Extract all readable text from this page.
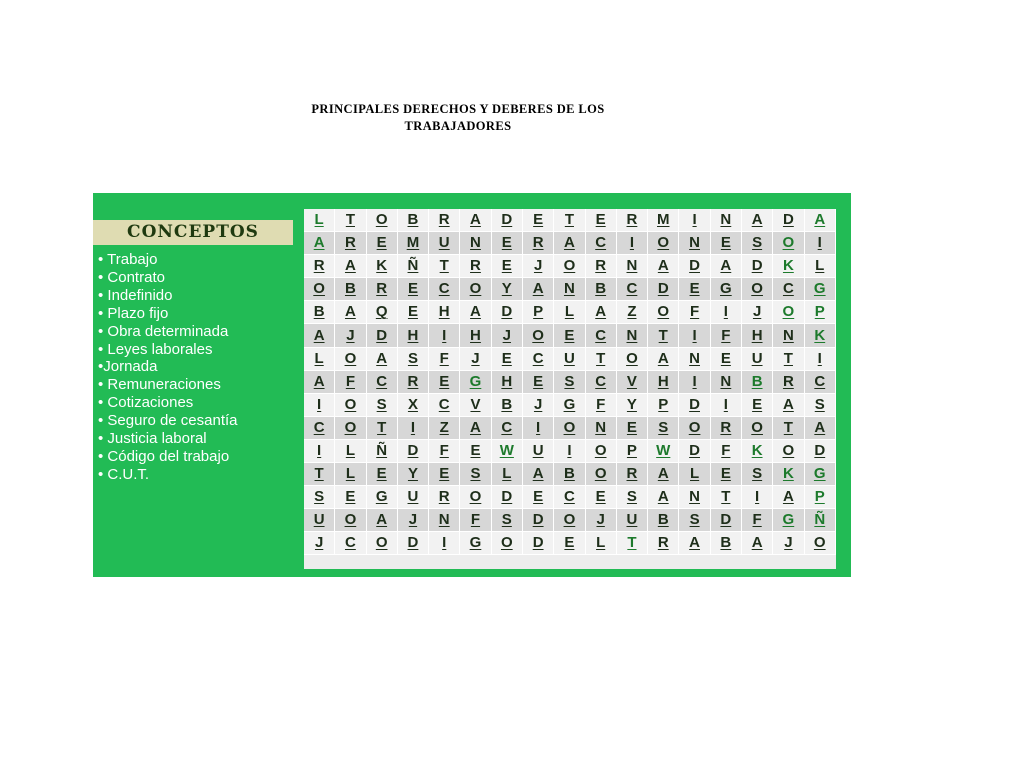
PRINCIPALES DERECHOS Y DEBERES DE LOS
TRABAJADORES
CONCEPTOS
• Trabajo
• Contrato
• Indefinido
• Plazo fijo
• Obra determinada
• Leyes laborales
•Jornada
• Remuneraciones
• Cotizaciones
• Seguro de cesantía
• Justicia laboral
• Código del trabajo
• C.U.T.
L	T	O	B	R	A	D	E	T	E	R	M	I	N	A	D	A
A	R	E	M	U	N	E	R	A	C	I	O	N	E	S	O	I
R	A	K	Ñ	T	R	E	J	O	R	N	A	D	A	D	K	L
O	B	R	E	C	O	Y	A	N	B	C	D	E	G	O	C	G
B	A	Q	E	H	A	D	P	L	A	Z	O	F	I	J	O	P
A	J	D	H	I	H	J	O	E	C	N	T	I	F	H	N	K
L	O	A	S	F	J	E	C	U	T	O	A	N	E	U	T	I
A	F	C	R	E	G	H	E	S	C	V	H	I	N	B	R	C
I	O	S	X	C	V	B	J	G	F	Y	P	D	I	E	A	S
C	O	T	I	Z	A	C	I	O	N	E	S	O	R	O	T	A
I	L	Ñ	D	F	E	W	U	I	O	P	W	D	F	K	O	D
T	L	E	Y	E	S	L	A	B	O	R	A	L	E	S	K	G
S	E	G	U	R	O	D	E	C	E	S	A	N	T	I	A	P
U	O	A	J	N	F	S	D	O	J	U	B	S	D	F	G	Ñ
J	C	O	D	I	G	O	D	E	L	T	R	A	B	A	J	O
